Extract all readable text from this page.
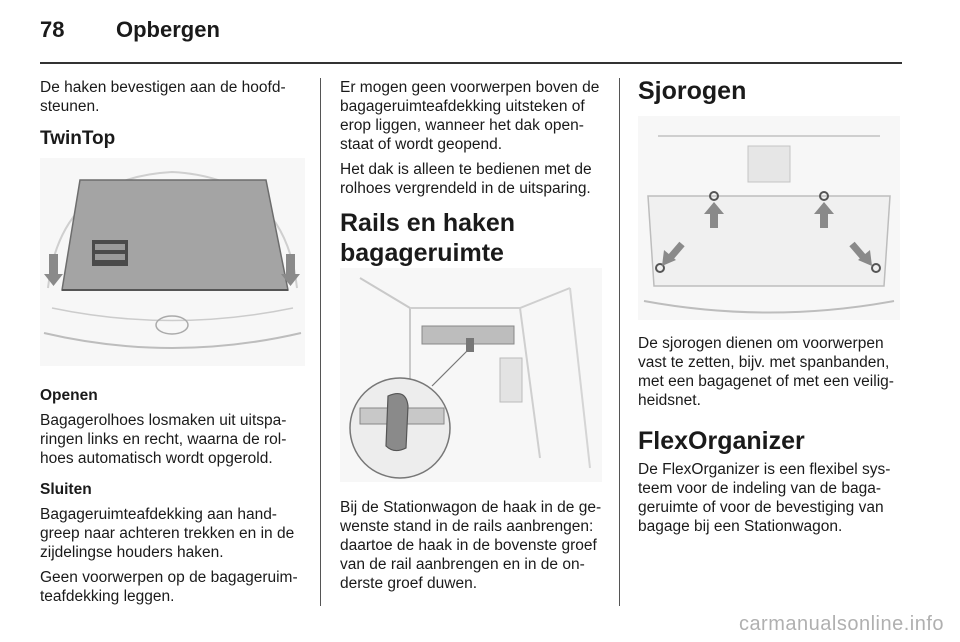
78 Opbergen

De haken bevestigen aan de hoofd-steunen.

TwinTop

Openen

Bagagerolhoes losmaken uit uitspa-ringen links en recht, waarna de rol-hoes automatisch wordt opgerold.

Sluiten

Bagageruimteafdekking aan hand-greep naar achteren trekken en in de zijdelingse houders haken.

Geen voorwerpen op de bagageruim-teafdekking leggen.

Er mogen geen voorwerpen boven de bagageruimteafdekking uitsteken of erop liggen, wanneer het dak open-staat of wordt geopend.

Het dak is alleen te bedienen met de rolhoes vergrendeld in de uitsparing.

Rails en haken
bagageruimte

Bij de Stationwagon de haak in de ge-wenste stand in de rails aanbrengen: daartoe de haak in de bovenste groef van de rail aanbrengen en in de on-derste groef duwen.

Sjorogen

De sjorogen dienen om voorwerpen vast te zetten, bijv. met spanbanden, met een bagagenet of met een veilig-heidsnet.

FlexOrganizer

De FlexOrganizer is een flexibel sys-teem voor de indeling van de baga-geruimte of voor de bevestiging van bagage bij een Stationwagon.

carmanualsonline.info
